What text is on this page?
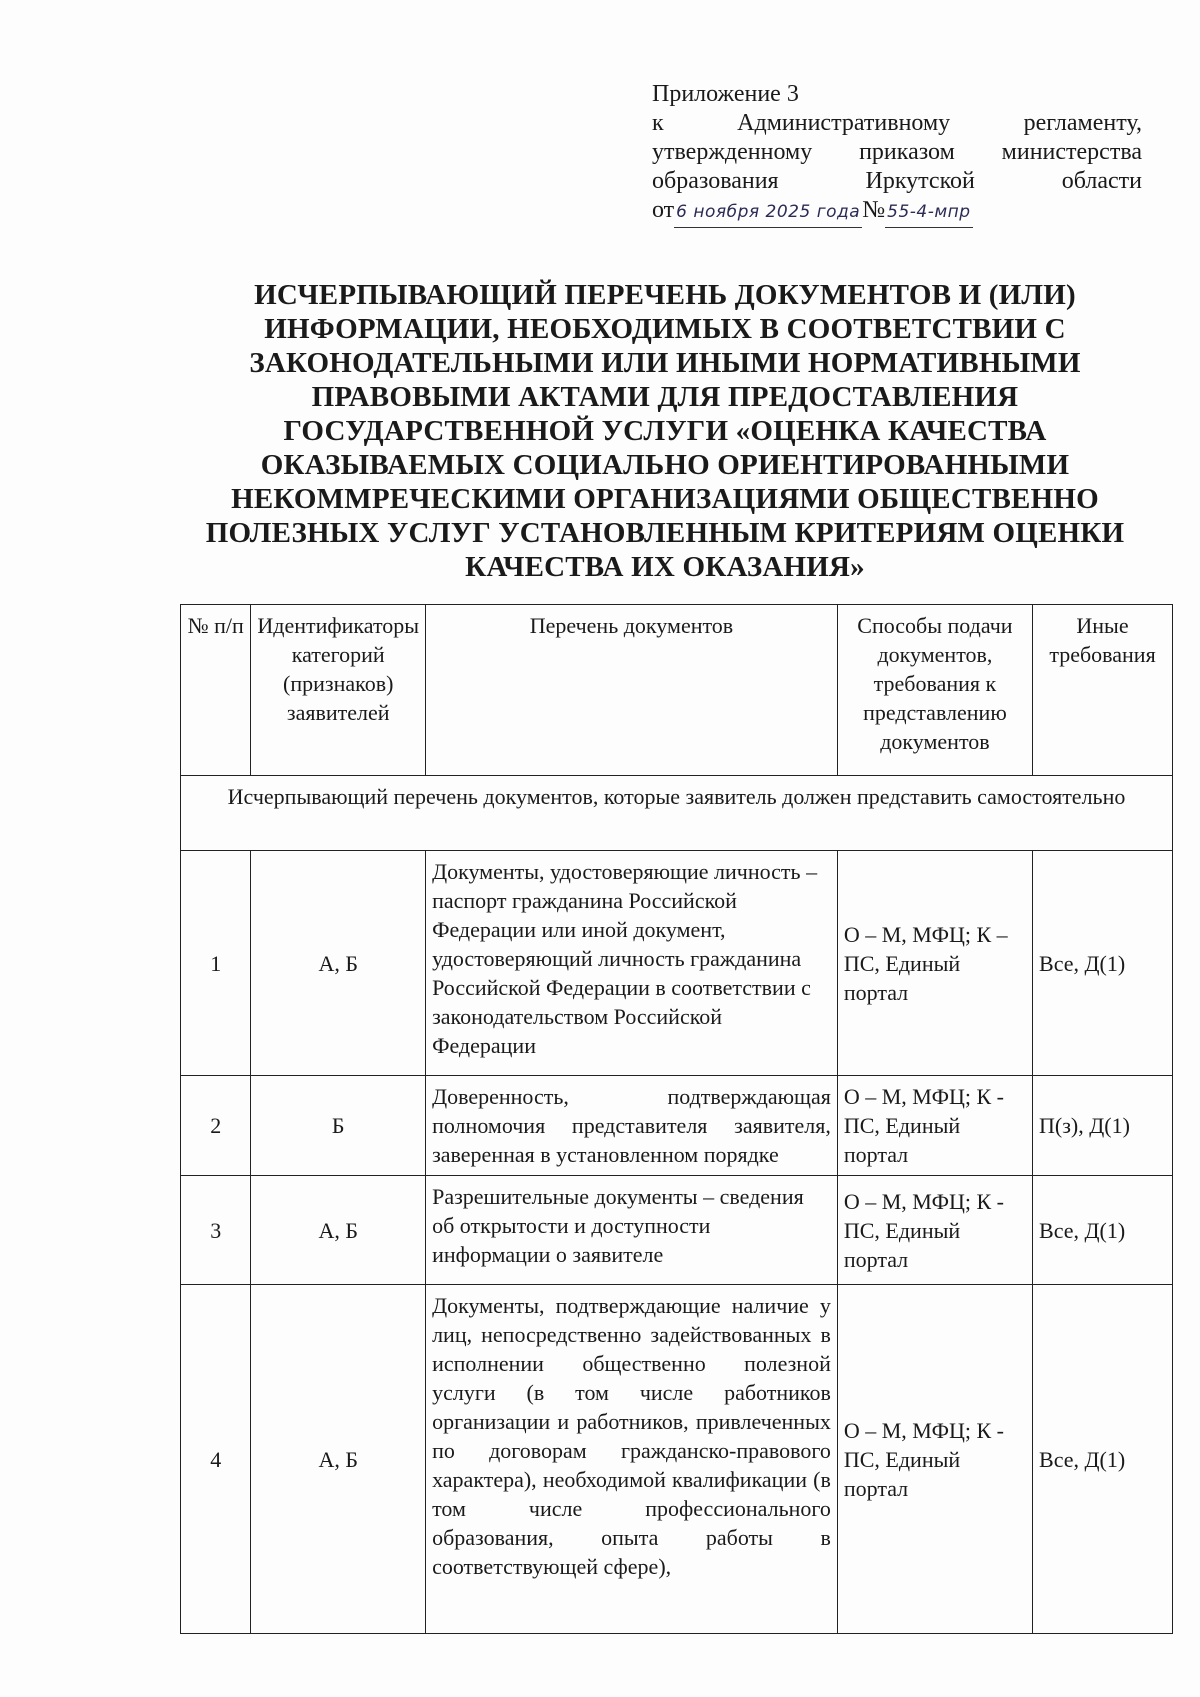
Приложение 3
к	Административному	регламенту,
утвержденному приказом министерства
образования	Иркутской	области
от 6 ноября 2025 года № 55-4-мпр
ИСЧЕРПЫВАЮЩИЙ ПЕРЕЧЕНЬ ДОКУМЕНТОВ И (ИЛИ) ИНФОРМАЦИИ, НЕОБХОДИМЫХ В СООТВЕТСТВИИ С ЗАКОНОДАТЕЛЬНЫМИ ИЛИ ИНЫМИ НОРМАТИВНЫМИ ПРАВОВЫМИ АКТАМИ ДЛЯ ПРЕДОСТАВЛЕНИЯ ГОСУДАРСТВЕННОЙ УСЛУГИ «ОЦЕНКА КАЧЕСТВА ОКАЗЫВАЕМЫХ СОЦИАЛЬНО ОРИЕНТИРОВАННЫМИ НЕКОММРЕЧЕСКИМИ ОРГАНИЗАЦИЯМИ ОБЩЕСТВЕННО ПОЛЕЗНЫХ УСЛУГ УСТАНОВЛЕННЫМ КРИТЕРИЯМ ОЦЕНКИ КАЧЕСТВА ИХ ОКАЗАНИЯ»
№ п/п	Идентификаторы категорий (признаков) заявителей	Перечень документов	Способы подачи документов, требования к представлению документов	Иные требования
Исчерпывающий перечень документов, которые заявитель должен представить самостоятельно				
1	А, Б	Документы, удостоверяющие личность – паспорт гражданина Российской Федерации или иной документ, удостоверяющий личность гражданина Российской Федерации в соответствии с законодательством Российской Федерации	О – М, МФЦ; К – ПС, Единый портал	Все, Д(1)
2	Б	Доверенность, подтверждающая полномочия представителя заявителя, заверенная в установленном порядке	О – М, МФЦ; К - ПС, Единый портал	П(з), Д(1)
3	А, Б	Разрешительные документы – сведения об открытости и доступности информации о заявителе	О – М, МФЦ; К - ПС, Единый портал	Все, Д(1)
4	А, Б	Документы, подтверждающие наличие у лиц, непосредственно задействованных в исполнении общественно полезной услуги (в том числе работников организации и работников, привлеченных по договорам гражданско-правового характера), необходимой квалификации (в том числе профессионального образования, опыта работы в соответствующей сфере),	О – М, МФЦ; К - ПС, Единый портал	Все, Д(1)
